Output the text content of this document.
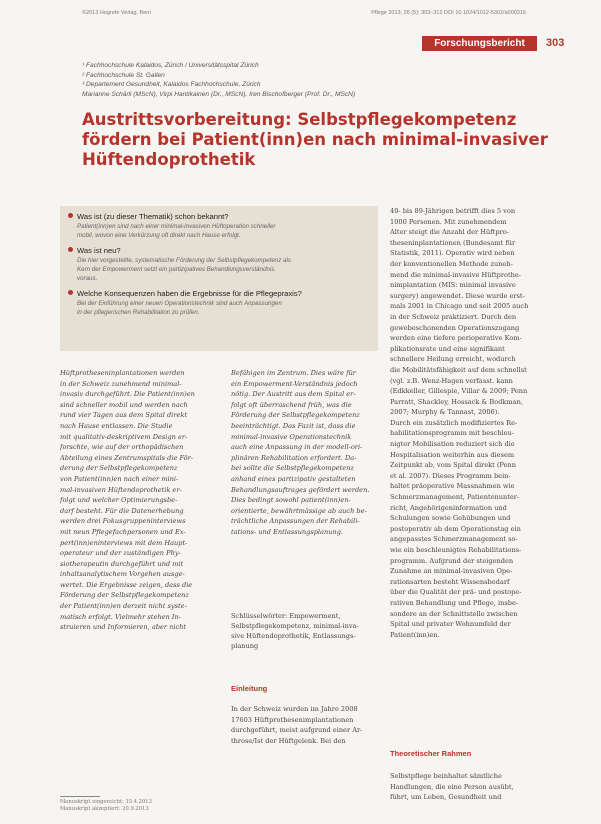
©2013 Hogrefe Verlag, Bern	Pflege 2013; 26 (5): 303–312 DOI 10.1024/1012-5302/a000316
Forschungsbericht	303
¹ Fachhochschule Kalaidos, Zürich / Universitätsspital Zürich
² Fachhochschule St. Gallen
³ Departement Gesundheit, Kalaidos Fachhochschule, Zürich
Marianne Schärli (MScN), Virpi Hantikainen (Dr., MScN), Iren Bischofberger (Prof. Dr., MScN)
Austrittsvorbereitung: Selbstpflegekompetenz
fördern bei Patient(inn)en nach minimal-invasiver
Hüftendoprothetik
Was ist (zu dieser Thematik) schon bekannt?
Patient(inn)en sind nach einer minimal-invasiven Hüftoperation schneller
mobil, wovon eine Verkürzung oft direkt nach Hause erfolgt.
Was ist neu?
Die hier vorgestellte, systematische Förderung der Selbstpflegekompetenz als
Kern der Empowerment setzt ein partizipatives Behandlungsverständnis
voraus.
Welche Konsequenzen haben die Ergebnisse für die Pflegepraxis?
Bei der Einführung einer neuen Operationstechnik sind auch Anpassungen
in der pflegerischen Rehabilitation zu prüfen.
Hüftprotheseninplantationen werden
in der Schweiz zunehmend minimal-
invasiv durchgeführt. Die Patient(inn)en
sind schneller mobil und werden nach
rund vier Tagen aus dem Spital direkt
nach Hause entlassen. Die Studie
mit qualitativ-deskriptivem Design er-
forschte, wie auf der orthopädischen
Abteilung eines Zentrumspitals die För-
derung der Selbstpflegekompetenz
von Patient(inn)en nach einer mini-
mal-invasiven Hüftendoprothetik er-
folgt und welcher Optimierungsbe-
darf besteht. Für die Datenerhebung
werden drei Fokusgruppeninterviews
mit neun Pflegefachpersonen und Ex-
pert(inn)eninterviews mit dem Haupt-
operateur und der zuständigen Phy-
siotherapeutin durchgeführt und mit
inhaltsanalytischem Vorgehen ausge-
wertet. Die Ergebnisse zeigen, dass die
Förderung der Selbstpflegekompetenz
der Patient(inn)en derzeit nicht syste-
matisch erfolgt. Vielmehr stehen In-
struieren und Informieren, aber nicht
Befähigen im Zentrum. Dies wäre für
ein Empowerment-Verständnis jedoch
nötig. Der Austritt aus dem Spital er-
folgt oft überraschend früh, was die
Förderung der Selbstpflegekompetenz
beeinträchtigt. Das Fazit ist, dass die
minimal-invasive Operationstechnik
auch eine Anpassung in der modell-ori-
plinären Rehabilitation erfordert. Da-
bei sollte die Selbstpflegekompetenz
anhand eines partizipativ gestalteten
Behandlungsauftrages gefördert werden.
Dies bedingt sowohl patient(inn)en-
orientierte, bewährtmässige ab auch be-
trächtliche Anpassungen der Rehabili-
tations- und Entlassungsplanung.
Schlüsselwörter: Empowerment,
Selbstpflegekompetenz, minimal-inva-
sive Hüftendoprothetik, Entlassungs-
planung
Einleitung
In der Schweiz wurden im Jahre 2008
17603 Hüftprothesenimplantationen
durchgeführt, meist aufgrund einer Ar-
throse/Ist der Hüftgelenk. Bei den
40- bis 89-Jährigen betrifft dies 5 von
1000 Personen. Mit zunehmendem
Alter steigt die Anzahl der Hüftpro-
theseninplantationen (Bundesamt für
Statistik, 2011). Operativ wird neben
der konventionellen Methode zuneh-
mend die minimal-invasive Hüftprothe-
nimplantation (MIS: minimal invasive
surgery) angewendet. Diese wurde erst-
mals 2001 in Chicago und seit 2005 auch
in der Schweiz praktiziert. Durch den
gewebeschonenden Operationszugang
werden eine tiefere perioperative Kom-
plikationsrate und eine signifikant
schnellere Heilung erreicht, wodurch
die Mobilitätsfähigkeit auf dem schnellst
(vgl. z.B. Wenz-Hagen verfasst. kann
(Edkkeller, Gillespie, Villar & 2009; Penn
Parratt, Shackley, Hossack & Bodkman,
2007; Murphy & Tannast, 2006).
Durch ein zusätzlich modifiziertes Re-
habilitationsprogramm mit beschleu-
nigter Mobilisation reduziert sich die
Hospitalisation weiterhin aus diesem
Zeitpunkt ab, vom Spital direkt (Penn
et al. 2007). Dieses Programm bein-
haltet präoperative Massnahmen wie
Schmerzmanagement, Patientenunter-
richt, Angehörigeninformation und
Schulungen sowie Gehübungen und
postoperativ ab dem Operationstag ein
angepasstes Schmerzmanagement so-
wie ein beschleunigtes Rehabilitations-
programm. Aufgrund der steigenden
Zunahme an minimal-invasiven Ope-
rationsarten besteht Wissensbedarf
über die Qualität der prä- und postope-
rativen Behandlung und Pflege, insbe-
sondere an der Schnittstelle zwischen
Spital und privater Wohnumfeld der
Patient(inn)en.
Theoretischer Rahmen
Selbstpflege beinhaltet sämtliche
Handlungen, die eine Person ausübt,
führt, um Leben, Gesundheit und
Manuskript eingereicht: 15.4.2013
Manuskript akzeptiert: 20.9.2013
